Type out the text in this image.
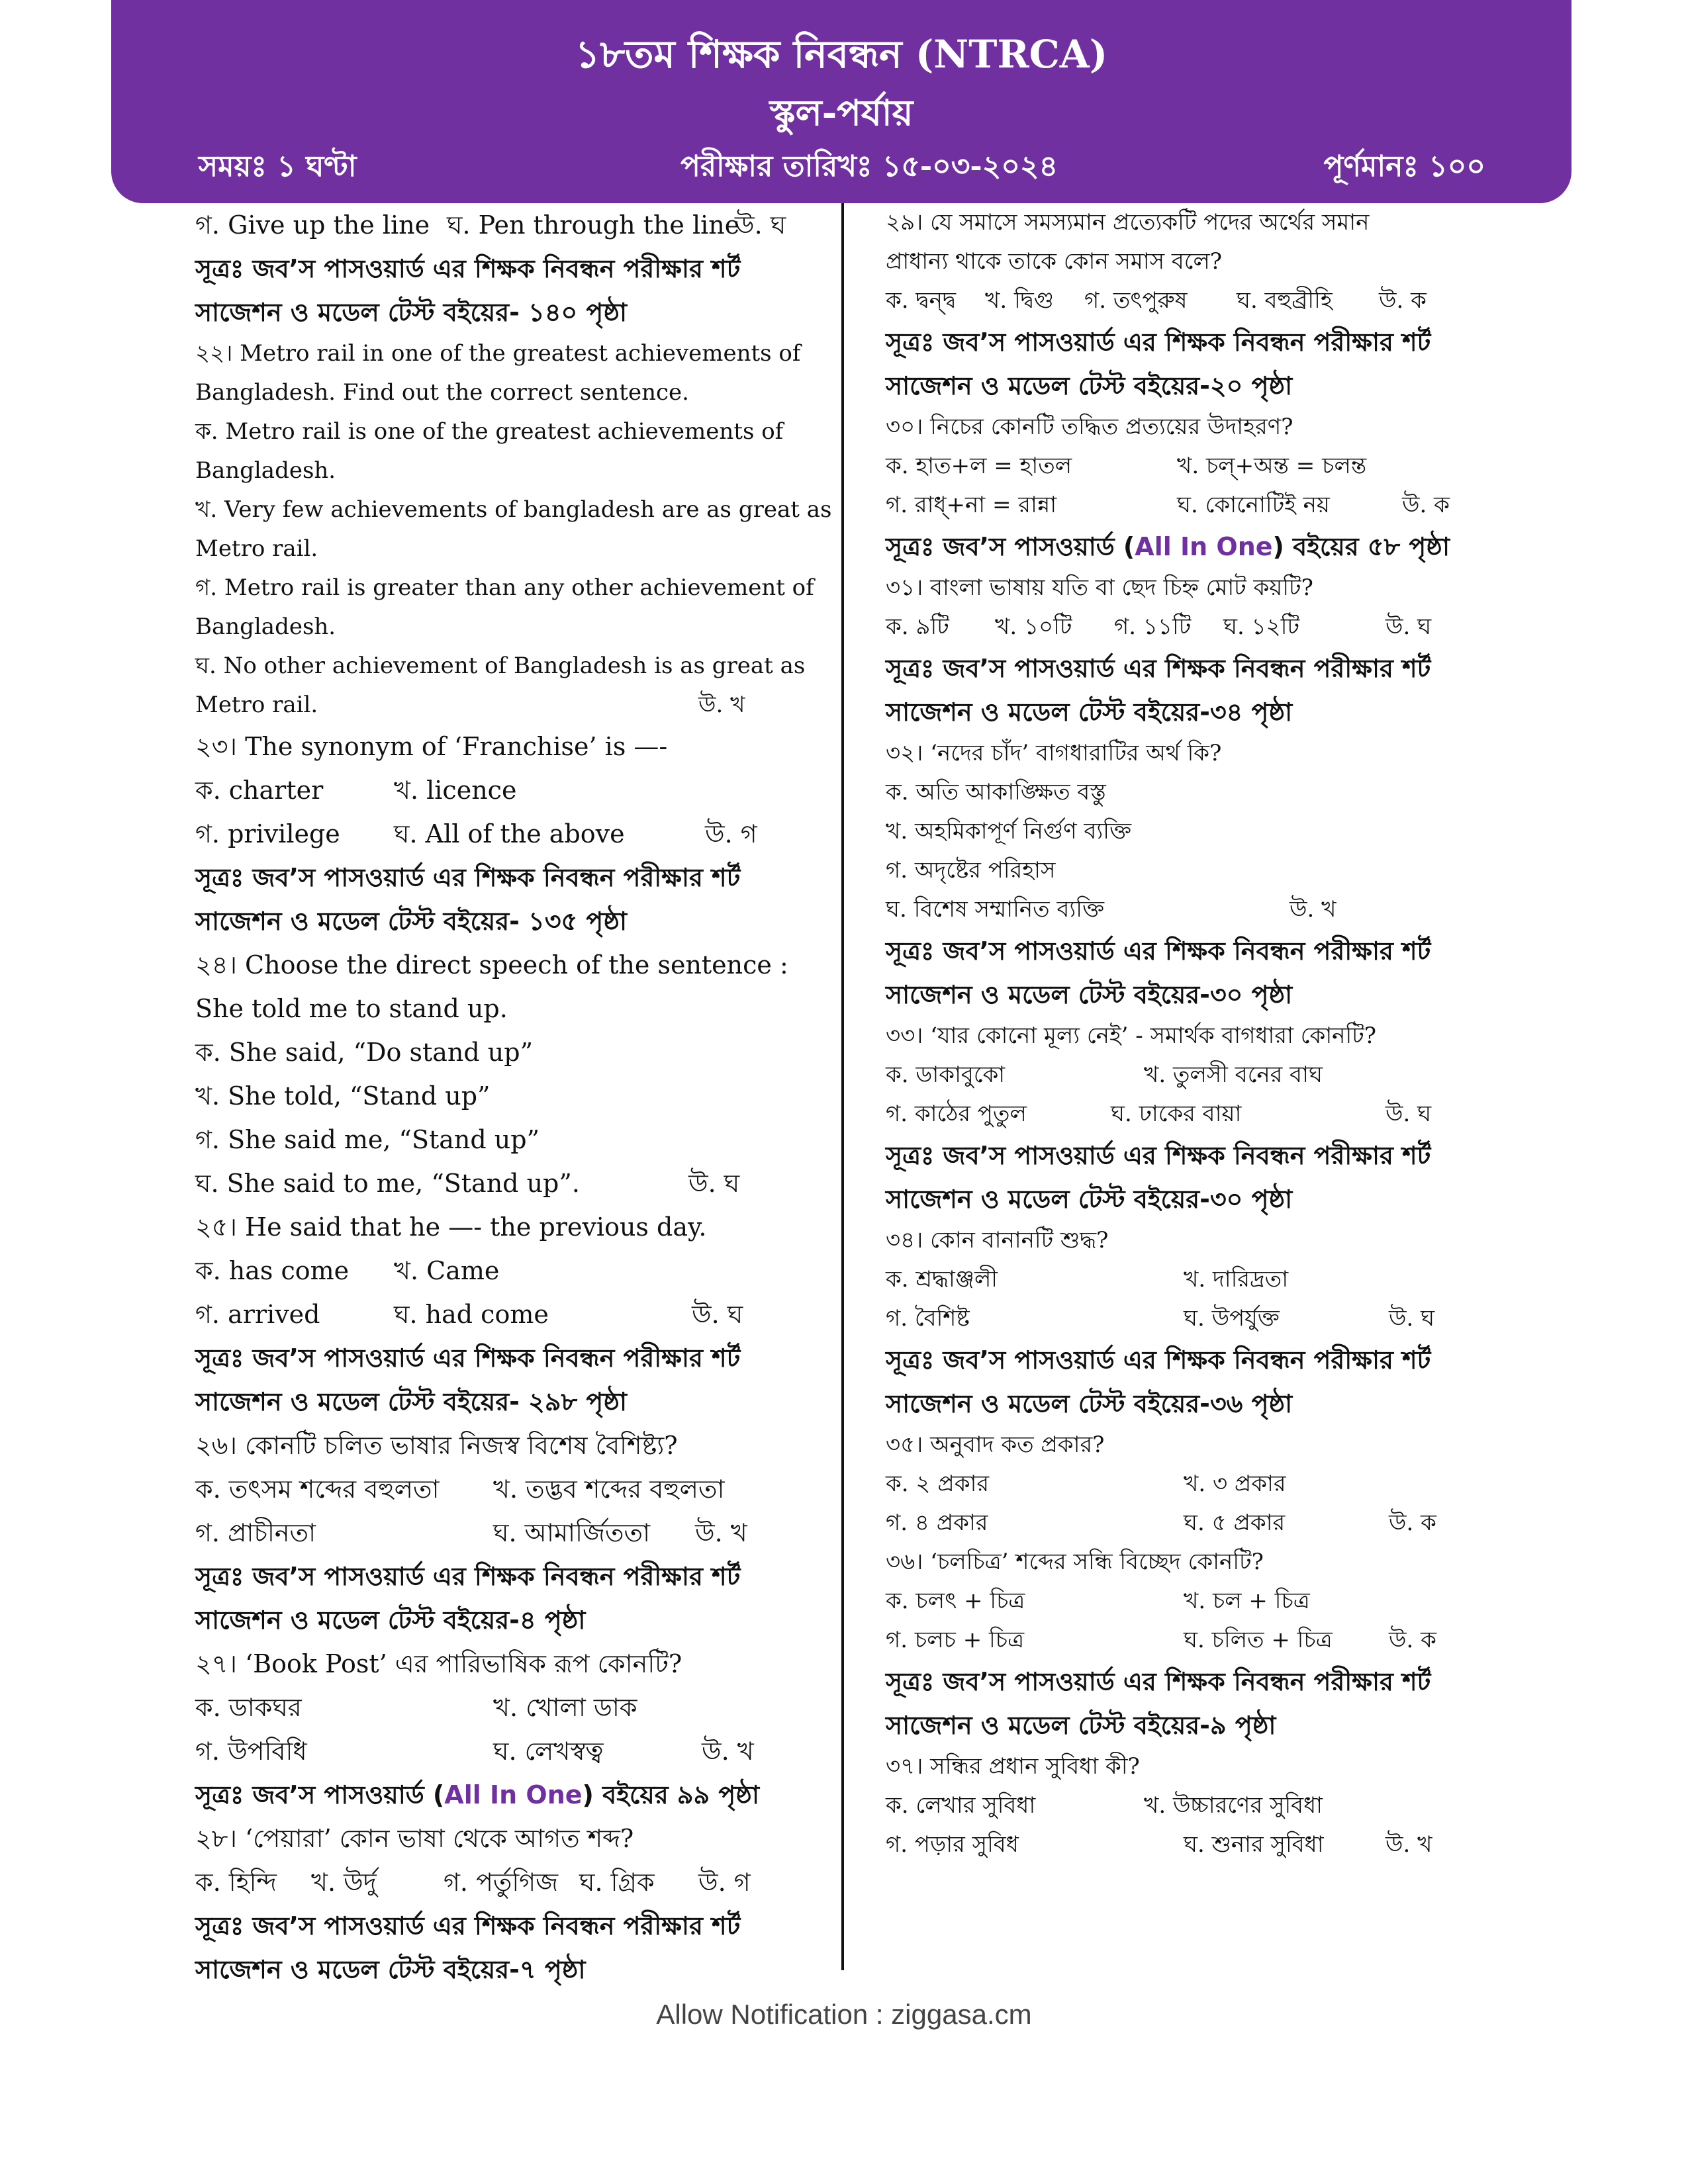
১৮তম শিক্ষক নিবন্ধন (NTRCA)
স্কুল-পর্যায়
সময়ঃ ১ ঘণ্টা	পরীক্ষার তারিখঃ ১৫-০৩-২০২৪	পূর্ণমানঃ ১০০
গ. Give up the line ঘ. Pen through the line
উ. ঘ
সূত্রঃ জব’স পাসওয়ার্ড এর শিক্ষক নিবন্ধন পরীক্ষার শর্ট
সাজেশন ও মডেল টেস্ট বইয়ের- ১৪০ পৃষ্ঠা
২২। Metro rail in one of the greatest achievements of
Bangladesh. Find out the correct sentence.
ক. Metro rail is one of the greatest achievements of
Bangladesh.
খ. Very few achievements of bangladesh are as great as
Metro rail.
গ. Metro rail is greater than any other achievement of
Bangladesh.
ঘ. No other achievement of Bangladesh is as great as
Metro rail.	উ. খ
২৩। The synonym of ‘Franchise’ is —-
ক. charter	খ. licence
গ. privilege ঘ. All of the above	উ. গ
সূত্রঃ জব’স পাসওয়ার্ড এর শিক্ষক নিবন্ধন পরীক্ষার শর্ট
সাজেশন ও মডেল টেস্ট বইয়ের- ১৩৫ পৃষ্ঠা
২৪। Choose the direct speech of the sentence :
She told me to stand up.
ক. She said, “Do stand up”
খ. She told, “Stand up”
গ. She said me, “Stand up”
ঘ. She said to me, “Stand up”.	উ. ঘ
২৫। He said that he —- the previous day.
ক. has come খ. Came
গ. arrived	ঘ. had come	উ. ঘ
সূত্রঃ জব’স পাসওয়ার্ড এর শিক্ষক নিবন্ধন পরীক্ষার শর্ট
সাজেশন ও মডেল টেস্ট বইয়ের- ২৯৮ পৃষ্ঠা
২৬। কোনটি চলিত ভাষার নিজস্ব বিশেষ বৈশিষ্ট্য?
ক. তৎসম শব্দের বহুলতা খ. তদ্ভব শব্দের বহুলতা
গ. প্রাচীনতা	ঘ. আমার্জিততা উ. খ
সূত্রঃ জব’স পাসওয়ার্ড এর শিক্ষক নিবন্ধন পরীক্ষার শর্ট
সাজেশন ও মডেল টেস্ট বইয়ের-৪ পৃষ্ঠা
২৭। ‘Book Post’ এর পারিভাষিক রূপ কোনটি?
ক. ডাকঘর	খ. খোলা ডাক
গ. উপবিধি	ঘ. লেখস্বত্ব	উ. খ
সূত্রঃ জব’স পাসওয়ার্ড (All In One) বইয়ের ৯৯ পৃষ্ঠা
২৮। ‘পেয়ারা’ কোন ভাষা থেকে আগত শব্দ?
ক. হিন্দি খ. উর্দু	গ. পর্তুগিজ ঘ. গ্রিক উ. গ
সূত্রঃ জব’স পাসওয়ার্ড এর শিক্ষক নিবন্ধন পরীক্ষার শর্ট
সাজেশন ও মডেল টেস্ট বইয়ের-৭ পৃষ্ঠা
২৯। যে সমাসে সমস্যমান প্রত্যেকটি পদের অর্থের সমান
প্রাধান্য থাকে তাকে কোন সমাস বলে?
ক. দ্বন্দ্ব খ. দ্বিগু গ. তৎপুরুষ ঘ. বহুব্রীহি উ. ক
সূত্রঃ জব’স পাসওয়ার্ড এর শিক্ষক নিবন্ধন পরীক্ষার শর্ট
সাজেশন ও মডেল টেস্ট বইয়ের-২০ পৃষ্ঠা
৩০। নিচের কোনটি তদ্ধিত প্রত্যয়ের উদাহরণ?
ক. হাত+ল = হাতল	খ. চল্‌+অন্ত = চলন্ত
গ. রাধ্‌+না = রান্না	ঘ. কোনোটিই নয়	উ. ক
সূত্রঃ জব’স পাসওয়ার্ড (All In One) বইয়ের ৫৮ পৃষ্ঠা
৩১। বাংলা ভাষায় যতি বা ছেদ চিহ্ন মোট কয়টি?
ক. ৯টি খ. ১০টি গ. ১১টি ঘ. ১২টি	উ. ঘ
সূত্রঃ জব’স পাসওয়ার্ড এর শিক্ষক নিবন্ধন পরীক্ষার শর্ট
সাজেশন ও মডেল টেস্ট বইয়ের-৩৪ পৃষ্ঠা
৩২। ‘নদের চাঁদ’ বাগধারাটির অর্থ কি?
ক. অতি আকাঙ্ক্ষিত বস্তু
খ. অহমিকাপূর্ণ নির্গুণ ব্যক্তি
গ. অদৃষ্টের পরিহাস
ঘ. বিশেষ সম্মানিত ব্যক্তি	উ. খ
সূত্রঃ জব’স পাসওয়ার্ড এর শিক্ষক নিবন্ধন পরীক্ষার শর্ট
সাজেশন ও মডেল টেস্ট বইয়ের-৩০ পৃষ্ঠা
৩৩। ‘যার কোনো মূল্য নেই’ - সমার্থক বাগধারা কোনটি?
ক. ডাকাবুকো	খ. তুলসী বনের বাঘ
গ. কাঠের পুতুল	ঘ. ঢাকের বায়া	উ. ঘ
সূত্রঃ জব’স পাসওয়ার্ড এর শিক্ষক নিবন্ধন পরীক্ষার শর্ট
সাজেশন ও মডেল টেস্ট বইয়ের-৩০ পৃষ্ঠা
৩৪। কোন বানানটি শুদ্ধ?
ক. শ্রদ্ধাঞ্জলী	খ. দারিদ্রতা
গ. বৈশিষ্ট	ঘ. উপর্যুক্ত	উ. ঘ
সূত্রঃ জব’স পাসওয়ার্ড এর শিক্ষক নিবন্ধন পরীক্ষার শর্ট
সাজেশন ও মডেল টেস্ট বইয়ের-৩৬ পৃষ্ঠা
৩৫। অনুবাদ কত প্রকার?
ক. ২ প্রকার	খ. ৩ প্রকার
গ. ৪ প্রকার	ঘ. ৫ প্রকার	উ. ক
৩৬। ‘চলচিত্র’ শব্দের সন্ধি বিচ্ছেদ কোনটি?
ক. চলৎ + চিত্র	খ. চল + চিত্র
গ. চলচ + চিত্র	ঘ. চলিত + চিত্র	উ. ক
সূত্রঃ জব’স পাসওয়ার্ড এর শিক্ষক নিবন্ধন পরীক্ষার শর্ট
সাজেশন ও মডেল টেস্ট বইয়ের-৯ পৃষ্ঠা
৩৭। সন্ধির প্রধান সুবিধা কী?
ক. লেখার সুবিধা	খ. উচ্চারণের সুবিধা
গ. পড়ার সুবিধ	ঘ. শুনার সুবিধা	উ. খ
Allow Notification : ziggasa.cm
